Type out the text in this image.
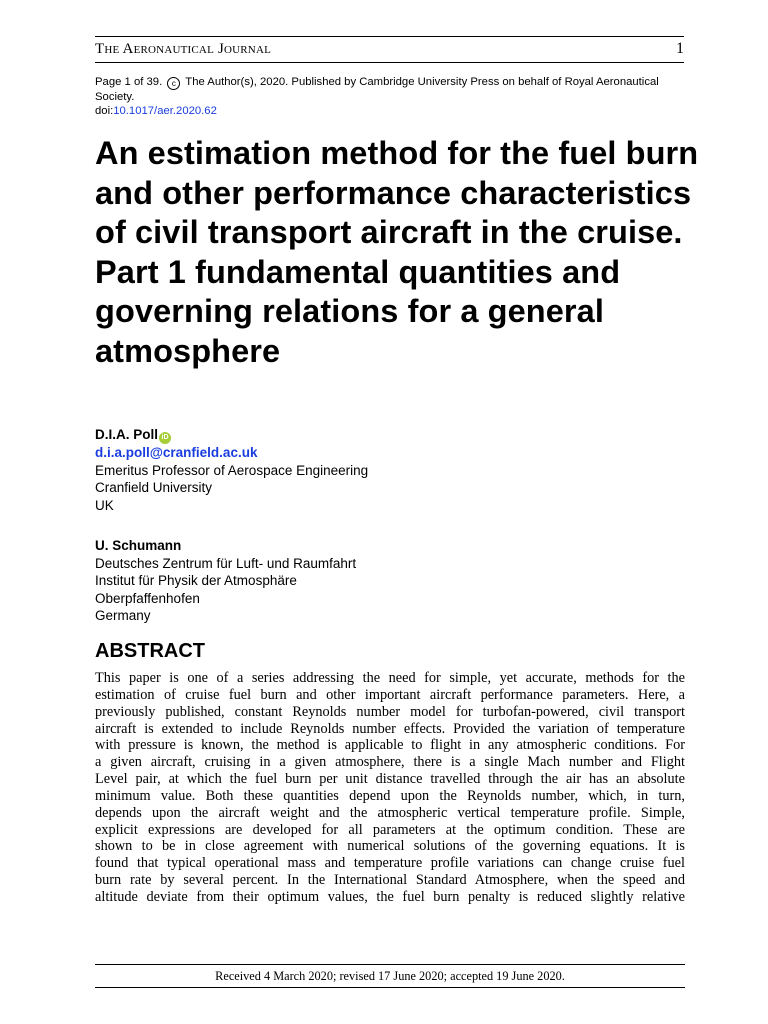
The Aeronautical Journal	1
Page 1 of 39. c The Author(s), 2020. Published by Cambridge University Press on behalf of Royal Aeronautical Society.
doi:10.1017/aer.2020.62
An estimation method for the fuel burn and other performance characteristics of civil transport aircraft in the cruise. Part 1 fundamental quantities and governing relations for a general atmosphere
D.I.A. Poll iD
d.i.a.poll@cranfield.ac.uk
Emeritus Professor of Aerospace Engineering
Cranfield University
UK
U. Schumann
Deutsches Zentrum für Luft- und Raumfahrt
Institut für Physik der Atmosphäre
Oberpfaffenhofen
Germany
ABSTRACT
This paper is one of a series addressing the need for simple, yet accurate, methods for the
estimation of cruise fuel burn and other important aircraft performance parameters. Here, a
previously published, constant Reynolds number model for turbofan-powered, civil transport
aircraft is extended to include Reynolds number effects. Provided the variation of temperature
with pressure is known, the method is applicable to flight in any atmospheric conditions. For
a given aircraft, cruising in a given atmosphere, there is a single Mach number and Flight
Level pair, at which the fuel burn per unit distance travelled through the air has an absolute
minimum value. Both these quantities depend upon the Reynolds number, which, in turn,
depends upon the aircraft weight and the atmospheric vertical temperature profile. Simple,
explicit expressions are developed for all parameters at the optimum condition. These are
shown to be in close agreement with numerical solutions of the governing equations. It is
found that typical operational mass and temperature profile variations can change cruise fuel
burn rate by several percent. In the International Standard Atmosphere, when the speed and
altitude deviate from their optimum values, the fuel burn penalty is reduced slightly relative
Received 4 March 2020; revised 17 June 2020; accepted 19 June 2020.
